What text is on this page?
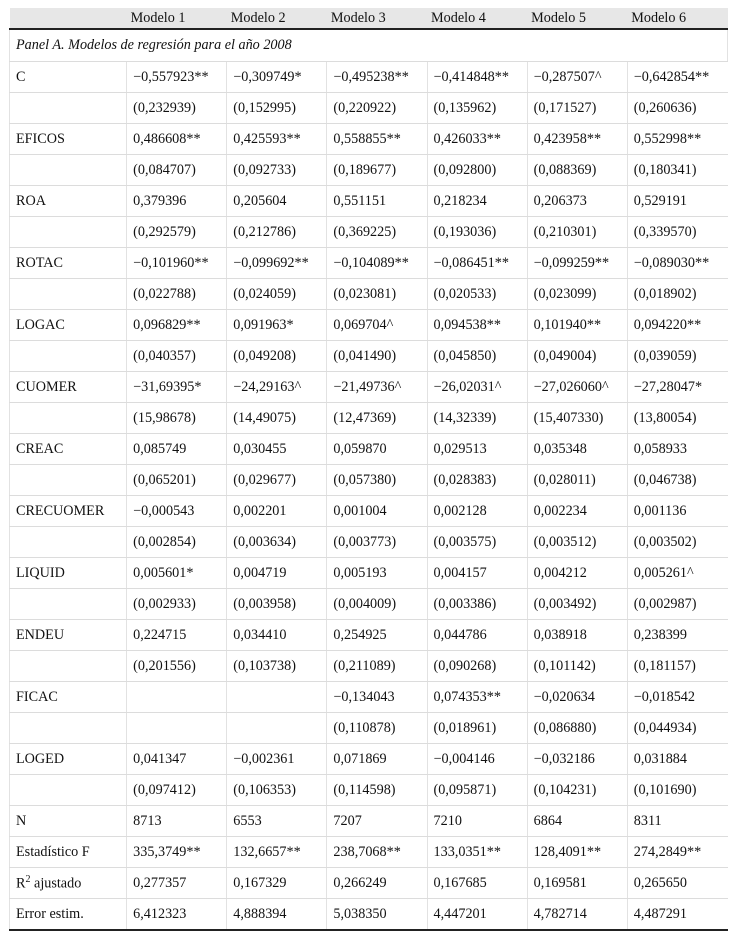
	Modelo 1	Modelo 2	Modelo 3	Modelo 4	Modelo 5	Modelo 6
Panel A. Modelos de regresión para el año 2008						
C	−0,557923**	−0,309749*	−0,495238**	−0,414848**	−0,287507^	−0,642854**
	(0,232939)	(0,152995)	(0,220922)	(0,135962)	(0,171527)	(0,260636)
EFICOS	0,486608**	0,425593**	0,558855**	0,426033**	0,423958**	0,552998**
	(0,084707)	(0,092733)	(0,189677)	(0,092800)	(0,088369)	(0,180341)
ROA	0,379396	0,205604	0,551151	0,218234	0,206373	0,529191
	(0,292579)	(0,212786)	(0,369225)	(0,193036)	(0,210301)	(0,339570)
ROTAC	−0,101960**	−0,099692**	−0,104089**	−0,086451**	−0,099259**	−0,089030**
	(0,022788)	(0,024059)	(0,023081)	(0,020533)	(0,023099)	(0,018902)
LOGAC	0,096829**	0,091963*	0,069704^	0,094538**	0,101940**	0,094220**
	(0,040357)	(0,049208)	(0,041490)	(0,045850)	(0,049004)	(0,039059)
CUOMER	−31,69395*	−24,29163^	−21,49736^	−26,02031^	−27,026060^	−27,28047*
	(15,98678)	(14,49075)	(12,47369)	(14,32339)	(15,407330)	(13,80054)
CREAC	0,085749	0,030455	0,059870	0,029513	0,035348	0,058933
	(0,065201)	(0,029677)	(0,057380)	(0,028383)	(0,028011)	(0,046738)
CRECUOMER	−0,000543	0,002201	0,001004	0,002128	0,002234	0,001136
	(0,002854)	(0,003634)	(0,003773)	(0,003575)	(0,003512)	(0,003502)
LIQUID	0,005601*	0,004719	0,005193	0,004157	0,004212	0,005261^
	(0,002933)	(0,003958)	(0,004009)	(0,003386)	(0,003492)	(0,002987)
ENDEU	0,224715	0,034410	0,254925	0,044786	0,038918	0,238399
	(0,201556)	(0,103738)	(0,211089)	(0,090268)	(0,101142)	(0,181157)
FICAC			−0,134043	0,074353**	−0,020634	−0,018542
			(0,110878)	(0,018961)	(0,086880)	(0,044934)
LOGED	0,041347	−0,002361	0,071869	−0,004146	−0,032186	0,031884
	(0,097412)	(0,106353)	(0,114598)	(0,095871)	(0,104231)	(0,101690)
N	8713	6553	7207	7210	6864	8311
Estadístico F	335,3749**	132,6657**	238,7068**	133,0351**	128,4091**	274,2849**
$R^2$ ajustado	0,277357	0,167329	0,266249	0,167685	0,169581	0,265650
Error estim.	6,412323	4,888394	5,038350	4,447201	4,782714	4,487291
